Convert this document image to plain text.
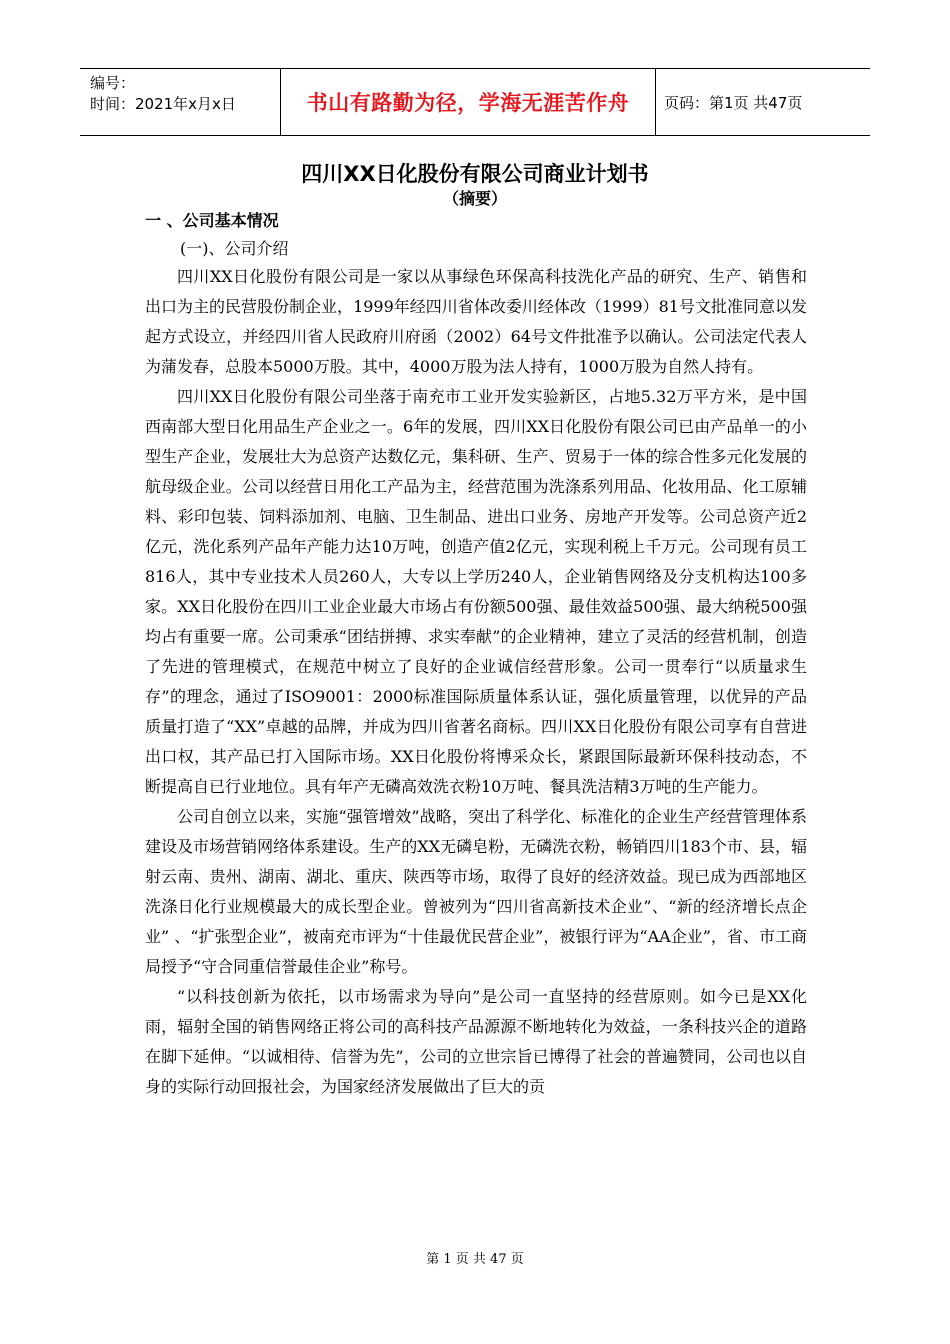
编号：
时间：2021年x月x日	书山有路勤为径，学海无涯苦作舟 页码：第1页 共47页
四川XX日化股份有限公司商业计划书
（摘要）
一 、公司基本情况
(一)、公司介绍

四川XX日化股份有限公司是一家以从事绿色环保高科技洗化产品的研究、生产、销售和出口为主的民营股份制企业，1999年经四川省体改委川经体改（1999）81号文批准同意以发起方式设立，并经四川省人民政府川府函（2002）64号文件批准予以确认。公司法定代表人为蒲发春，总股本5000万股。其中，4000万股为法人持有，1000万股为自然人持有。

四川XX日化股份有限公司坐落于南充市工业开发实验新区，占地5.32万平方米，是中国西南部大型日化用品生产企业之一。6年的发展，四川XX日化股份有限公司已由产品单一的小型生产企业，发展壮大为总资产达数亿元，集科研、生产、贸易于一体的综合性多元化发展的航母级企业。公司以经营日用化工产品为主，经营范围为洗涤系列用品、化妆用品、化工原辅料、彩印包装、饲料添加剂、电脑、卫生制品、进出口业务、房地产开发等。公司总资产近2亿元，洗化系列产品年产能力达10万吨，创造产值2亿元，实现利税上千万元。公司现有员工816人，其中专业技术人员260人，大专以上学历240人，企业销售网络及分支机构达100多家。XX日化股份在四川工业企业最大市场占有份额500强、最佳效益500强、最大纳税500强均占有重要一席。公司秉承“团结拼搏、求实奉献”的企业精神，建立了灵活的经营机制，创造了先进的管理模式，在规范中树立了良好的企业诚信经营形象。公司一贯奉行“以质量求生存”的理念，通过了ISO9001：2000标准国际质量体系认证，强化质量管理，以优异的产品质量打造了“XX”卓越的品牌，并成为四川省著名商标。四川XX日化股份有限公司享有自营进出口权，其产品已打入国际市场。XX日化股份将博采众长，紧跟国际最新环保科技动态，不断提高自已行业地位。具有年产无磷高效洗衣粉10万吨、餐具洗洁精3万吨的生产能力。

公司自创立以来，实施“强管增效”战略，突出了科学化、标准化的企业生产经营管理体系建设及市场营销网络体系建设。生产的XX无磷皂粉，无磷洗衣粉，畅销四川183个市、县，辐射云南、贵州、湖南、湖北、重庆、陕西等市场，取得了良好的经济效益。现已成为西部地区洗涤日化行业规模最大的成长型企业。曾被列为“四川省高新技术企业”、“新的经济增长点企业” 、“扩张型企业”，被南充市评为“十佳最优民营企业”，被银行评为“AA企业”，省、市工商局授予“守合同重信誉最佳企业”称号。

“以科技创新为依托，以市场需求为导向”是公司一直坚持的经营原则。如今已是XX化雨，辐射全国的销售网络正将公司的高科技产品源源不断地转化为效益，一条科技兴企的道路在脚下延伸。“以诚相待、信誉为先”，公司的立世宗旨已博得了社会的普遍赞同，公司也以自身的实际行动回报社会，为国家经济发展做出了巨大的贡

第 1 页 共 47 页
